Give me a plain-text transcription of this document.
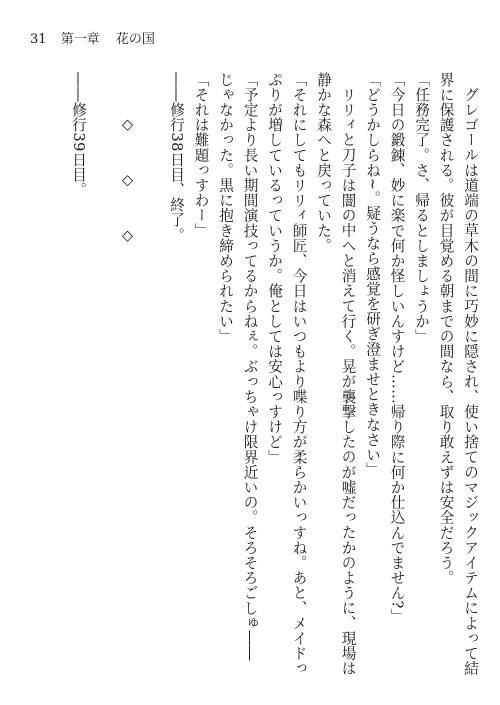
31 第一章 花の国

グレゴールは道端の草木の間に巧妙に隠され、使い捨てのマジックアイテムによって結

界に保護される。彼が目覚める朝までの間なら、取り敢えずは安全だろう。

「任務完了。さ、帰るとしましょうか」

「今日の鍛錬、妙に楽で何か怪しいんすけど……帰り際に何か仕込んでません?」

「どうかしらね~。疑うなら感覚を研ぎ澄ませときなさい」

リリィと刀子は闇の中へと消えて行く。晃が襲撃したのが嘘だったかのように、現場は

静かな森へと戻っていた。

「それにしてもリリィ師匠、今日はいつもより喋り方が柔らかいっすね。あと、メイドっ

ぷりが増しているっていうか。俺としては安心っすけど」

「予定より長い期間演技ってるからねぇ。ぶっちゃけ限界近いの。そろそろごしゅ――

じゃなかった。黒に抱き締められたい」

「それは難題っすわー」

――修行38日目、終了。

◇　◇　◇

――修行39日目。
